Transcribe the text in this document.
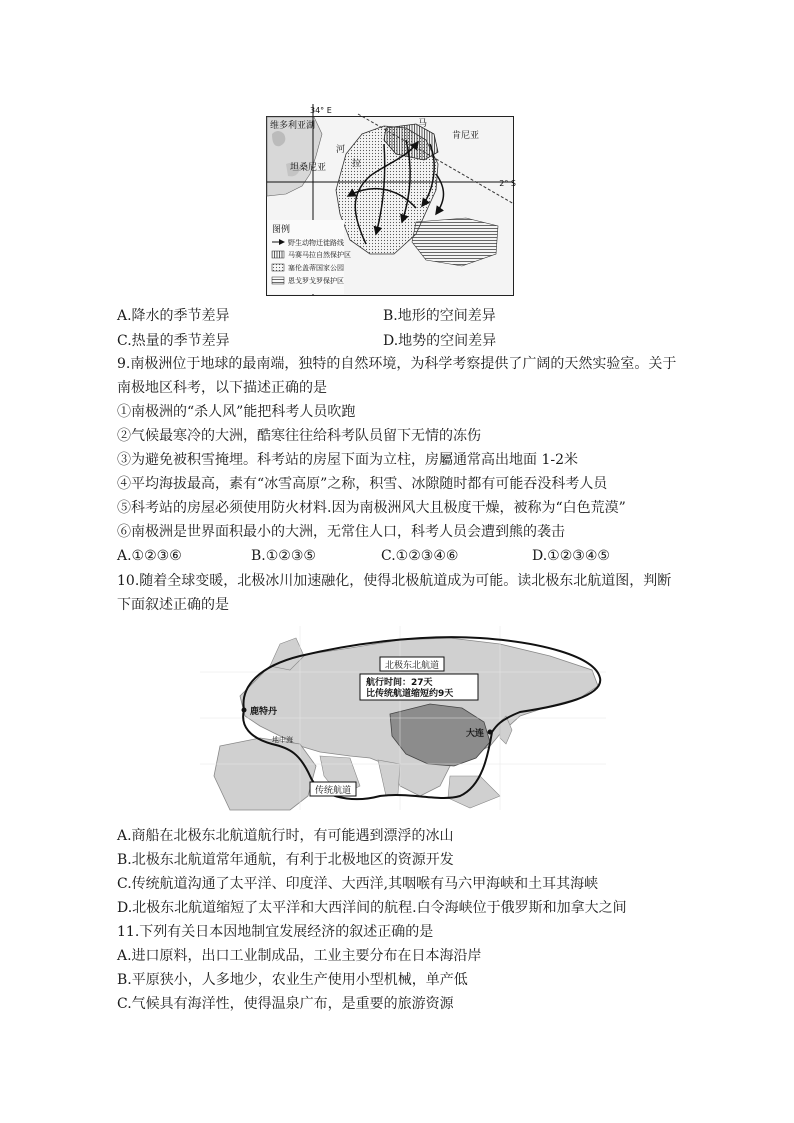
34° E
2° S
维多利亚湖
肯尼亚
马
河
拉
坦桑尼亚
图例
野生动物迁徙路线
马赛马拉自然保护区
塞伦盖蒂国家公园
恩戈罗戈罗保护区
A.降水的季节差异	B.地形的空间差异
C.热量的季节差异	D.地势的空间差异
9.南极洲位于地球的最南端，独特的自然环境，为科学考察提供了广阔的天然实验室。关于
南极地区科考，以下描述正确的是
①南极洲的“杀人风”能把科考人员吹跑
②气候最寒冷的大洲，酷寒往往给科考队员留下无情的冻伤
③为避免被积雪掩埋。科考站的房屋下面为立柱，房屬通常高出地面 1-2米
④平均海拔最高，素有“冰雪高原”之称，积雪、冰隙随时都有可能吞没科考人员
⑤科考站的房屋必须使用防火材料.因为南极洲风大且极度干燥，被称为“白色荒漠”
⑥南极洲是世界面积最小的大洲，无常住人口，科考人员会遭到熊的袭击
A.①②③⑥	B.①②③⑤	C.①②③④⑥	D.①②③④⑤
10.随着全球变暖，北极冰川加速融化，使得北极航道成为可能。读北极东北航道图，判断
下面叙述正确的是
北极东北航道
航行时间：27天
比传统航道缩短约9天
鹿特丹
地中海
大连
传统航道
A.商船在北极东北航道航行时，有可能遇到漂浮的冰山
B.北极东北航道常年通航，有利于北极地区的资源开发
C.传统航道沟通了太平洋、印度洋、大西洋,其咽喉有马六甲海峡和土耳其海峡
D.北极东北航道缩短了太平洋和大西洋间的航程.白令海峡位于俄罗斯和加拿大之间
11.下列有关日本因地制宜发展经济的叙述正确的是
A.进口原料，出口工业制成品，工业主要分布在日本海沿岸
B.平原狭小，人多地少，农业生产使用小型机械，单产低
C.气候具有海洋性，使得温泉广布，是重要的旅游资源
